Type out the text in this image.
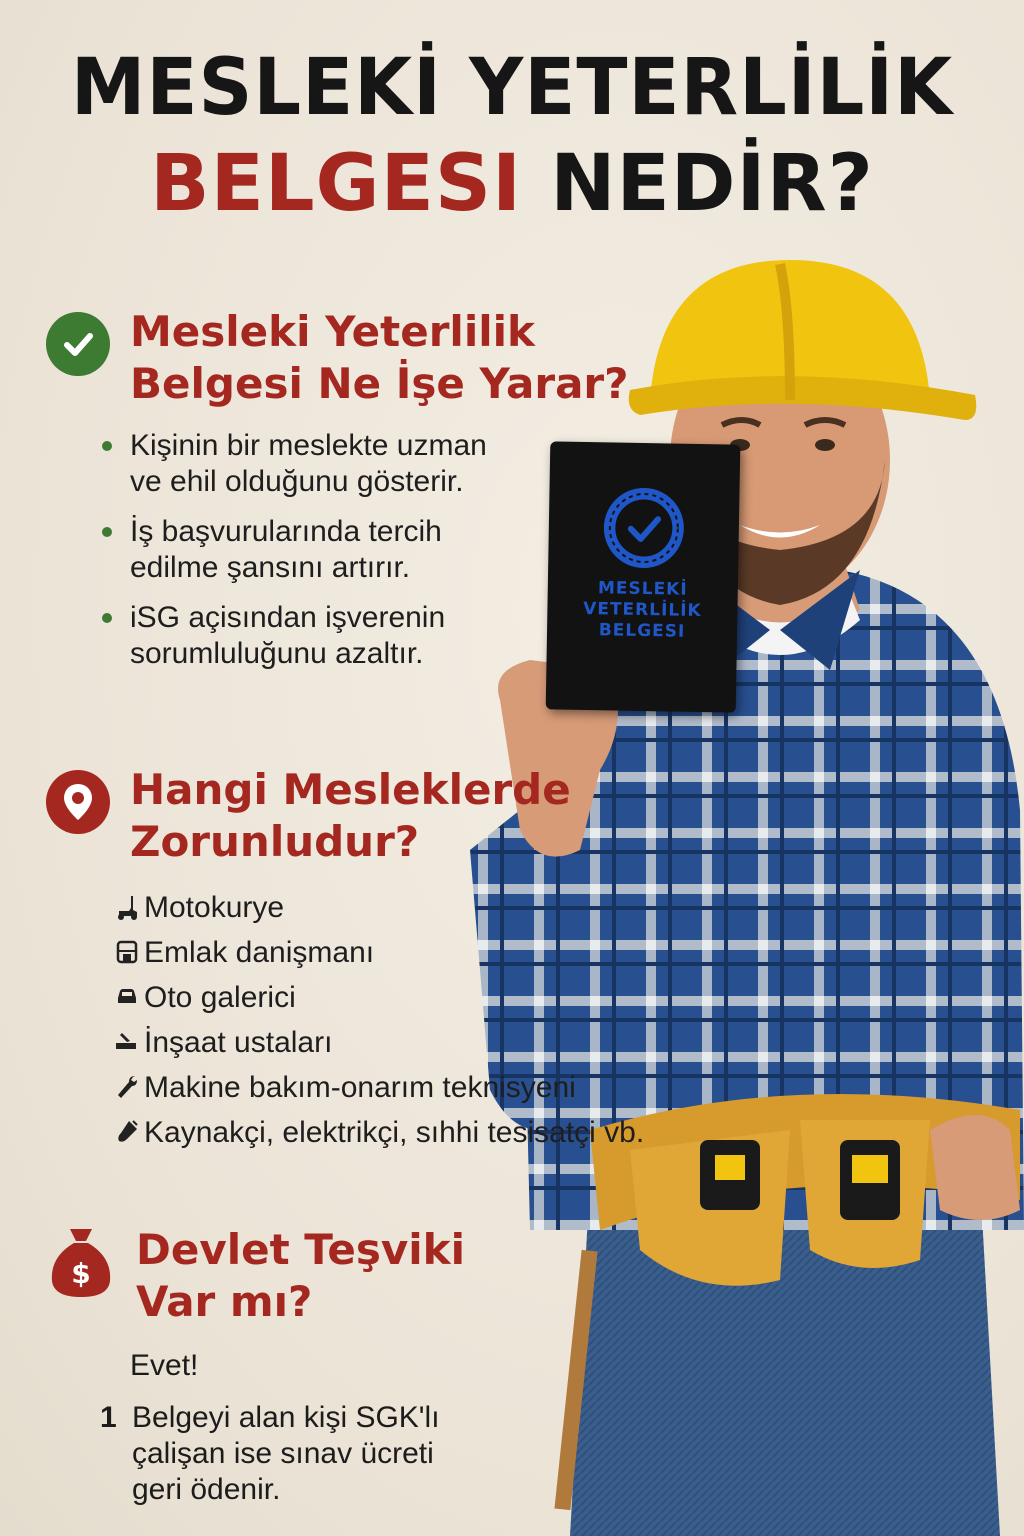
MESLEKİ
VETERLİLİK
BELGESI
MESLEKİ YETERLİLİK
BELGESI NEDİR?
Mesleki Yeterlilik
Belgesi Ne İşe Yarar?
Kişinin bir meslekte uzman ve ehil olduğunu gösterir.
İş başvurularında tercih edilme şansını artırır.
iSG açisından işverenin sorumluluğunu azaltır.
Hangi Mesleklerde
Zorunludur?
Motokurye
Emlak danişmanı
Oto galerici
İnşaat ustaları
Makine bakım-onarım teknisyeni
Kaynakçi, elektrikçi, sıhhi tesisatçi vb.
$ Devlet Teşviki
Var mı?
Evet!
1 Belgeyi alan kişi SGK'lı çalişan ise sınav ücreti geri ödenir.
